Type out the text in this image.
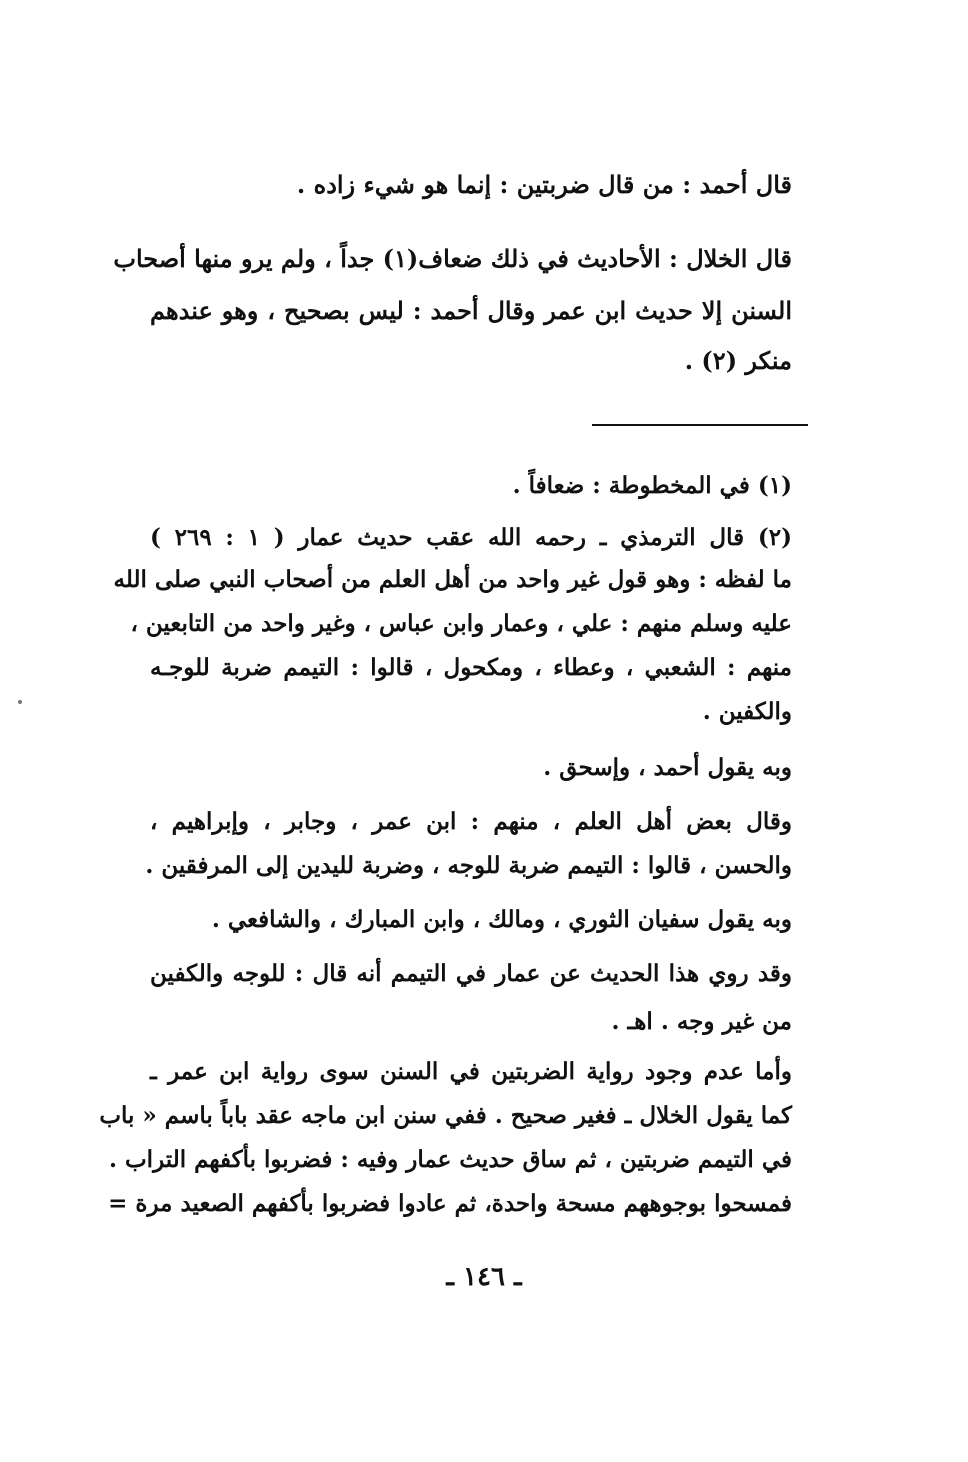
قال أحمد : من قال ضربتين : إنما هو شيء زاده .

قال الخلال : الأحاديث في ذلك ضعاف(١) جداً ، ولم يرو منها أصحاب

السنن إلا حديث ابن عمر وقال أحمد : ليس بصحيح ، وهو عندهم

منكر (٢) .

(١) في المخطوطة : ضعافاً .

(٢) قال الترمذي ـ رحمه الله عقب حديث عمار ( ١ : ٢٦٩ )

ما لفظه : وهو قول غير واحد من أهل العلم من أصحاب النبي صلى الله

عليه وسلم منهم : علي ، وعمار وابن عباس ، وغير واحد من التابعين ،

منهم : الشعبي ، وعطاء ، ومكحول ، قالوا : التيمم ضربة للوجـه

والكفين .

وبه يقول أحمد ، وإسحق .

وقال بعض أهل العلم ، منهم : ابن عمر ، وجابر ، وإبراهيم ،

والحسن ، قالوا : التيمم ضربة للوجه ، وضربة لليدين إلى المرفقين .

وبه يقول سفيان الثوري ، ومالك ، وابن المبارك ، والشافعي .

وقد روي هذا الحديث عن عمار في التيمم أنه قال : للوجه والكفين

من غير وجه . اهـ .

وأما عدم وجود رواية الضربتين في السنن سوى رواية ابن عمر ـ

كما يقول الخلال ـ فغير صحيح . ففي سنن ابن ماجه عقد باباً باسم « باب

في التيمم ضربتين ، ثم ساق حديث عمار وفيه : فضربوا بأكفهم التراب .

فمسحوا بوجوههم مسحة واحدة، ثم عادوا فضربوا بأكفهم الصعيد مرة =

ـ ١٤٦ ـ
